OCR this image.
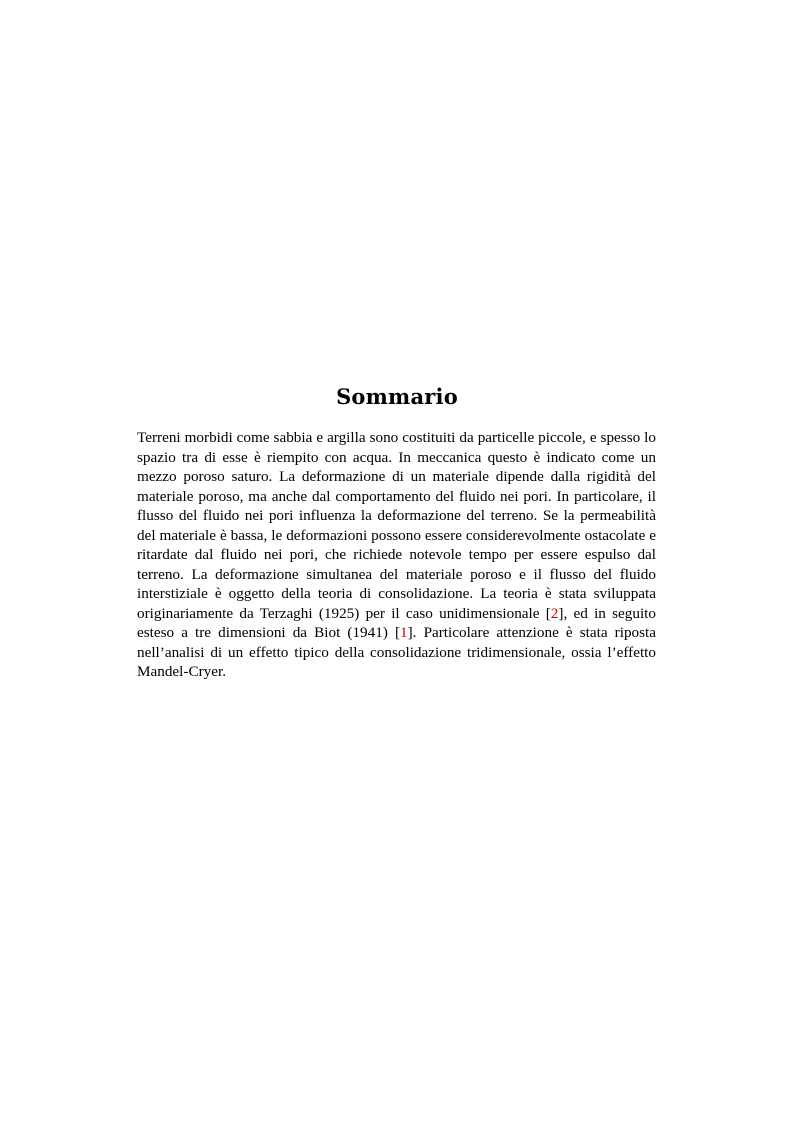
Sommario

Terreni morbidi come sabbia e argilla sono costituiti da particelle piccole, e spesso lo spazio tra di esse è riempito con acqua. In meccanica questo è indicato come un mezzo poroso saturo. La deformazione di un materiale dipende dalla rigidità del materiale poroso, ma anche dal comportamento del fluido nei pori. In particolare, il flusso del fluido nei pori influenza la deformazione del terreno. Se la permeabilità del materiale è bassa, le deformazioni possono essere considerevolmente ostacolate e ritardate dal fluido nei pori, che richiede notevole tempo per essere espulso dal terreno. La deformazione simultanea del materiale poroso e il flusso del fluido interstiziale è oggetto della teoria di consolidazione. La teoria è stata sviluppata originariamente da Terzaghi (1925) per il caso unidimensionale [2], ed in seguito esteso a tre dimensioni da Biot (1941) [1]. Particolare attenzione è stata riposta nell’analisi di un effetto tipico della consolidazione tridimensionale, ossia l’effetto Mandel-Cryer.
